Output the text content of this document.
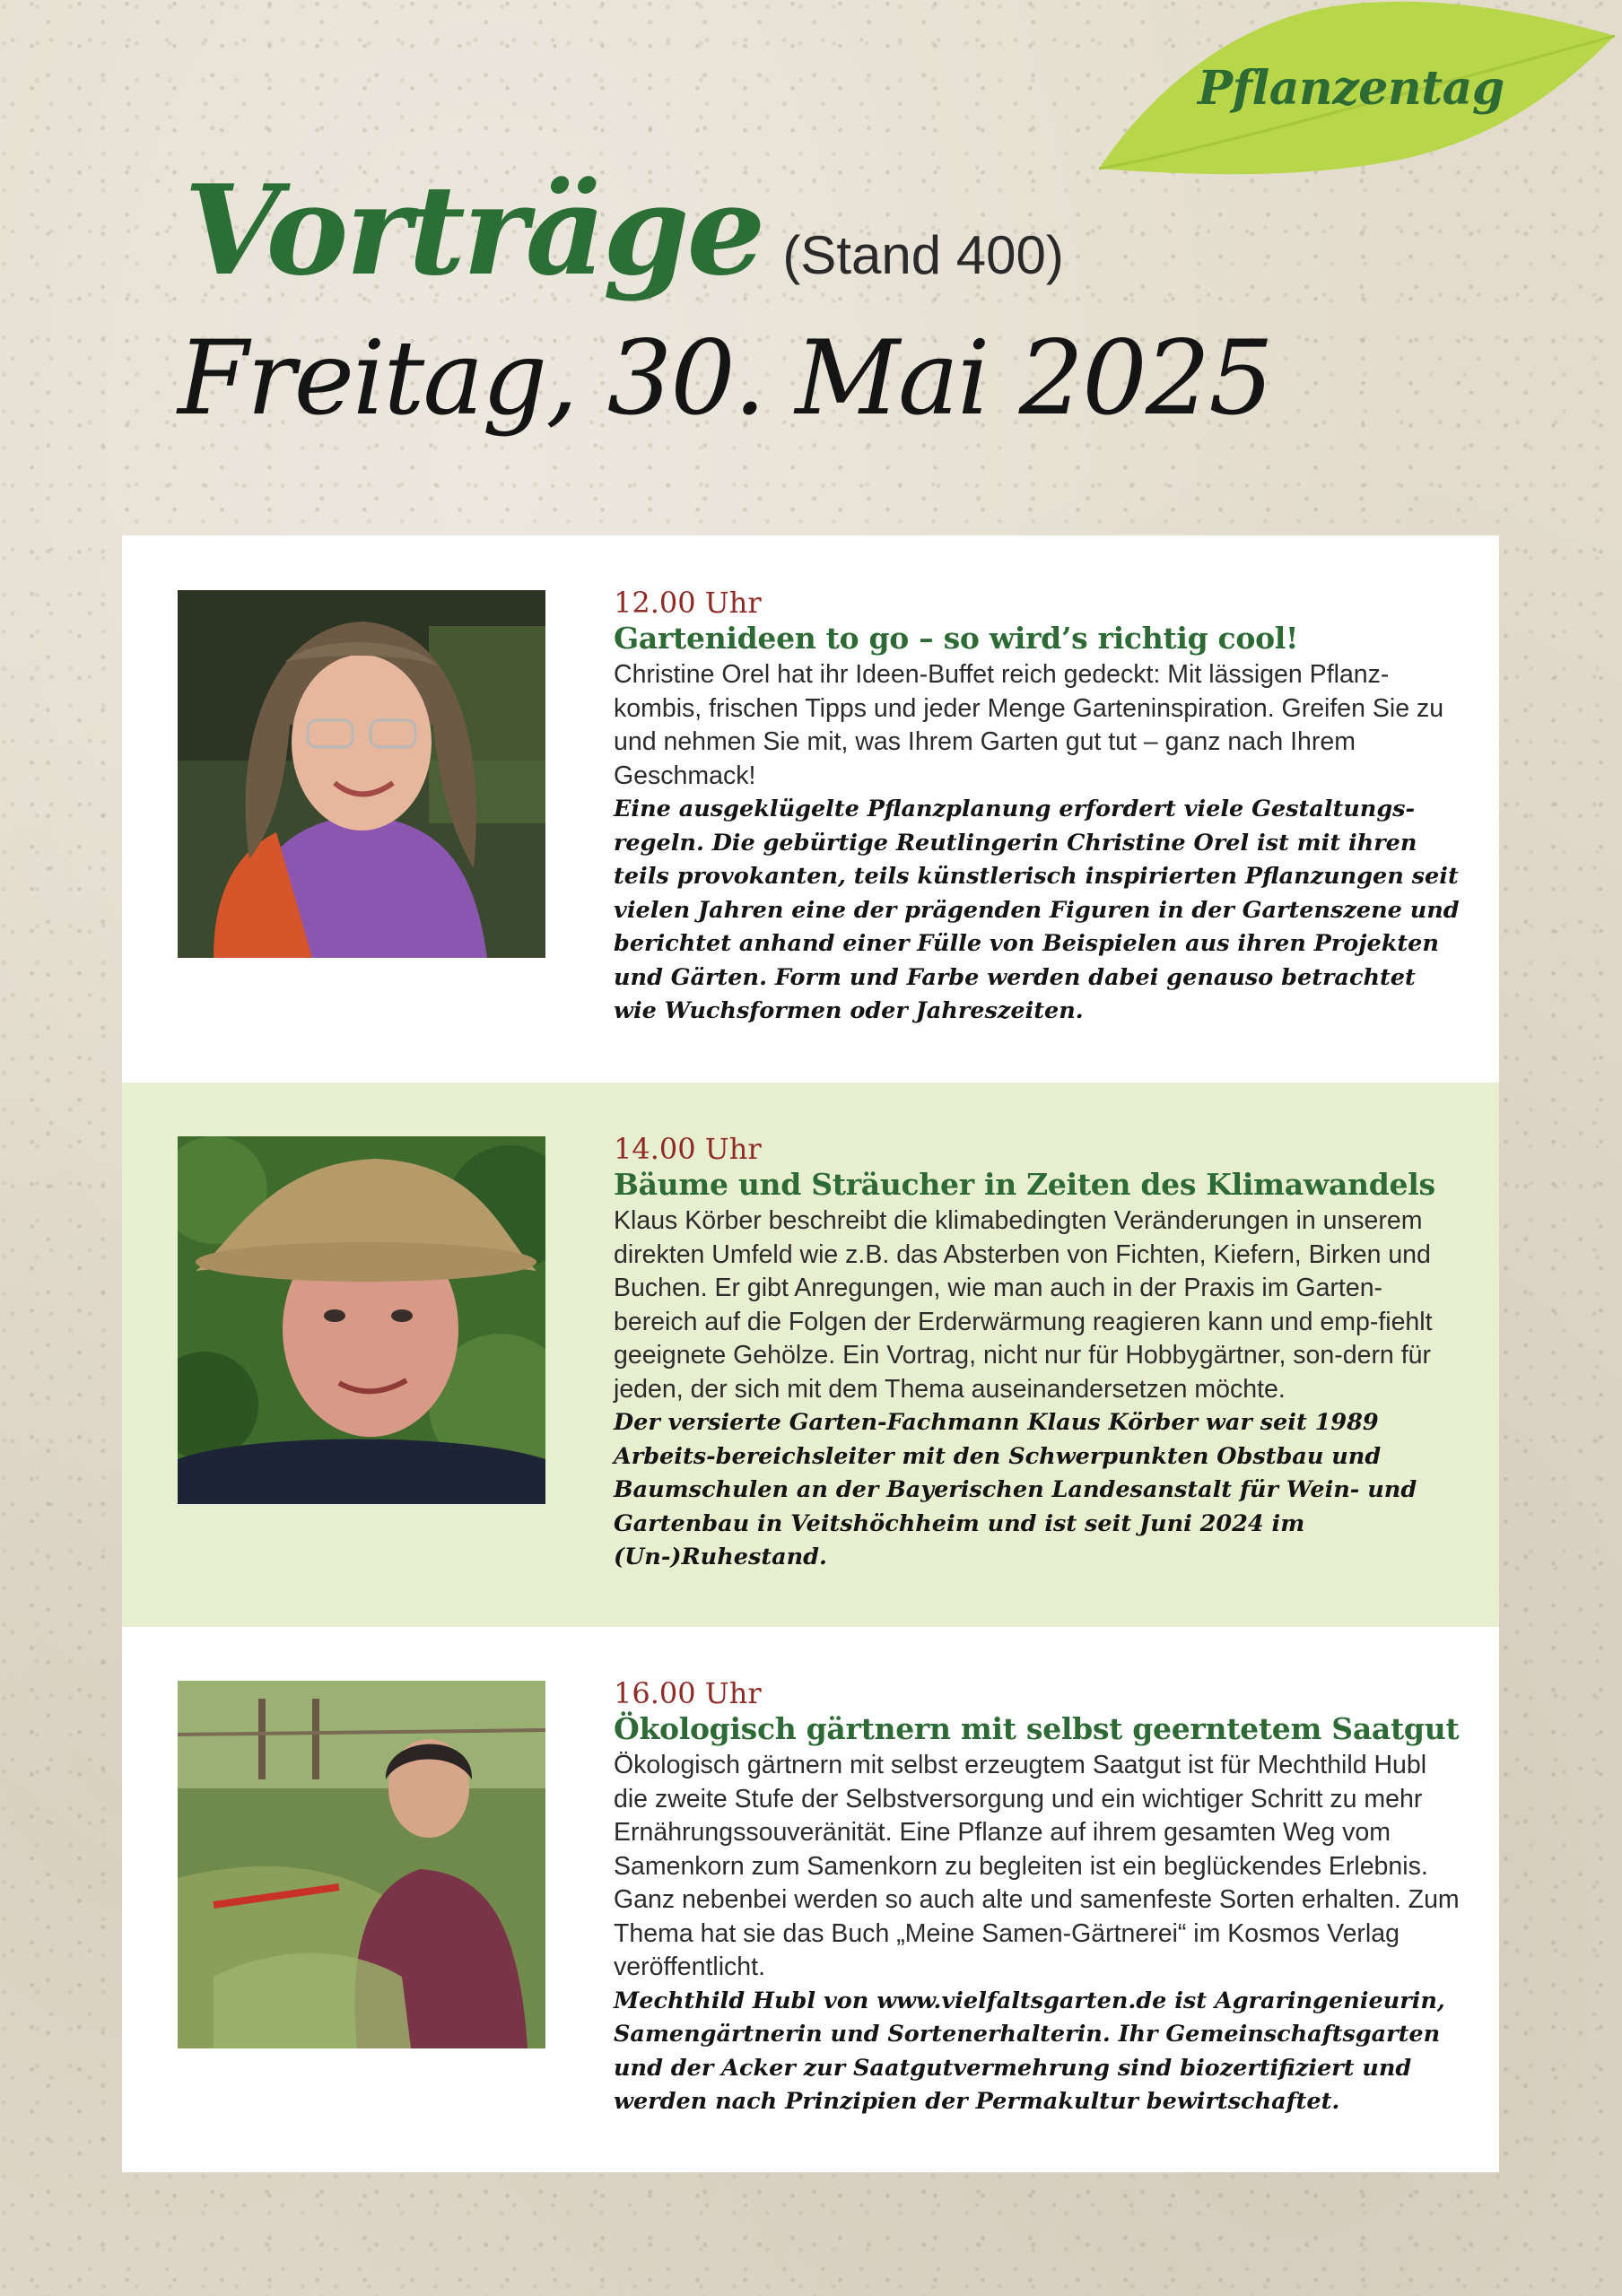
Pflanzentag
Vorträge (Stand 400)
Freitag, 30. Mai 2025
12.00 Uhr
Gartenideen to go – so wird’s richtig cool!

Christine Orel hat ihr Ideen-Buffet reich gedeckt: Mit lässigen Pflanz-kombis, frischen Tipps und jeder Menge Garteninspiration. Greifen Sie zu und nehmen Sie mit, was Ihrem Garten gut tut – ganz nach Ihrem Geschmack!

Eine ausgeklügelte Pflanzplanung erfordert viele Gestaltungs-regeln. Die gebürtige Reutlingerin Christine Orel ist mit ihren teils provokanten, teils künstlerisch inspirierten Pflanzungen seit vielen Jahren eine der prägenden Figuren in der Gartenszene und berichtet anhand einer Fülle von Beispielen aus ihren Projekten und Gärten. Form und Farbe werden dabei genauso betrachtet wie Wuchsformen oder Jahreszeiten.

14.00 Uhr
Bäume und Sträucher in Zeiten des Klimawandels

Klaus Körber beschreibt die klimabedingten Veränderungen in unserem direkten Umfeld wie z.B. das Absterben von Fichten, Kiefern, Birken und Buchen. Er gibt Anregungen, wie man auch in der Praxis im Garten-bereich auf die Folgen der Erderwärmung reagieren kann und emp-fiehlt geeignete Gehölze. Ein Vortrag, nicht nur für Hobbygärtner, son-dern für jeden, der sich mit dem Thema auseinandersetzen möchte.

Der versierte Garten-Fachmann Klaus Körber war seit 1989 Arbeits-bereichsleiter mit den Schwerpunkten Obstbau und Baumschulen an der Bayerischen Landesanstalt für Wein- und Gartenbau in Veitshöchheim und ist seit Juni 2024 im (Un-)Ruhestand.

16.00 Uhr
Ökologisch gärtnern mit selbst geerntetem Saatgut

Ökologisch gärtnern mit selbst erzeugtem Saatgut ist für Mechthild Hubl die zweite Stufe der Selbstversorgung und ein wichtiger Schritt zu mehr Ernährungssouveränität. Eine Pflanze auf ihrem gesamten Weg vom Samenkorn zum Samenkorn zu begleiten ist ein beglückendes Erlebnis. Ganz nebenbei werden so auch alte und samenfeste Sorten erhalten. Zum Thema hat sie das Buch „Meine Samen-Gärtnerei“ im Kosmos Verlag veröffentlicht.

Mechthild Hubl von www.vielfaltsgarten.de ist Agraringenieurin, Samengärtnerin und Sortenerhalterin. Ihr Gemeinschaftsgarten und der Acker zur Saatgutvermehrung sind biozertifiziert und werden nach Prinzipien der Permakultur bewirtschaftet.
